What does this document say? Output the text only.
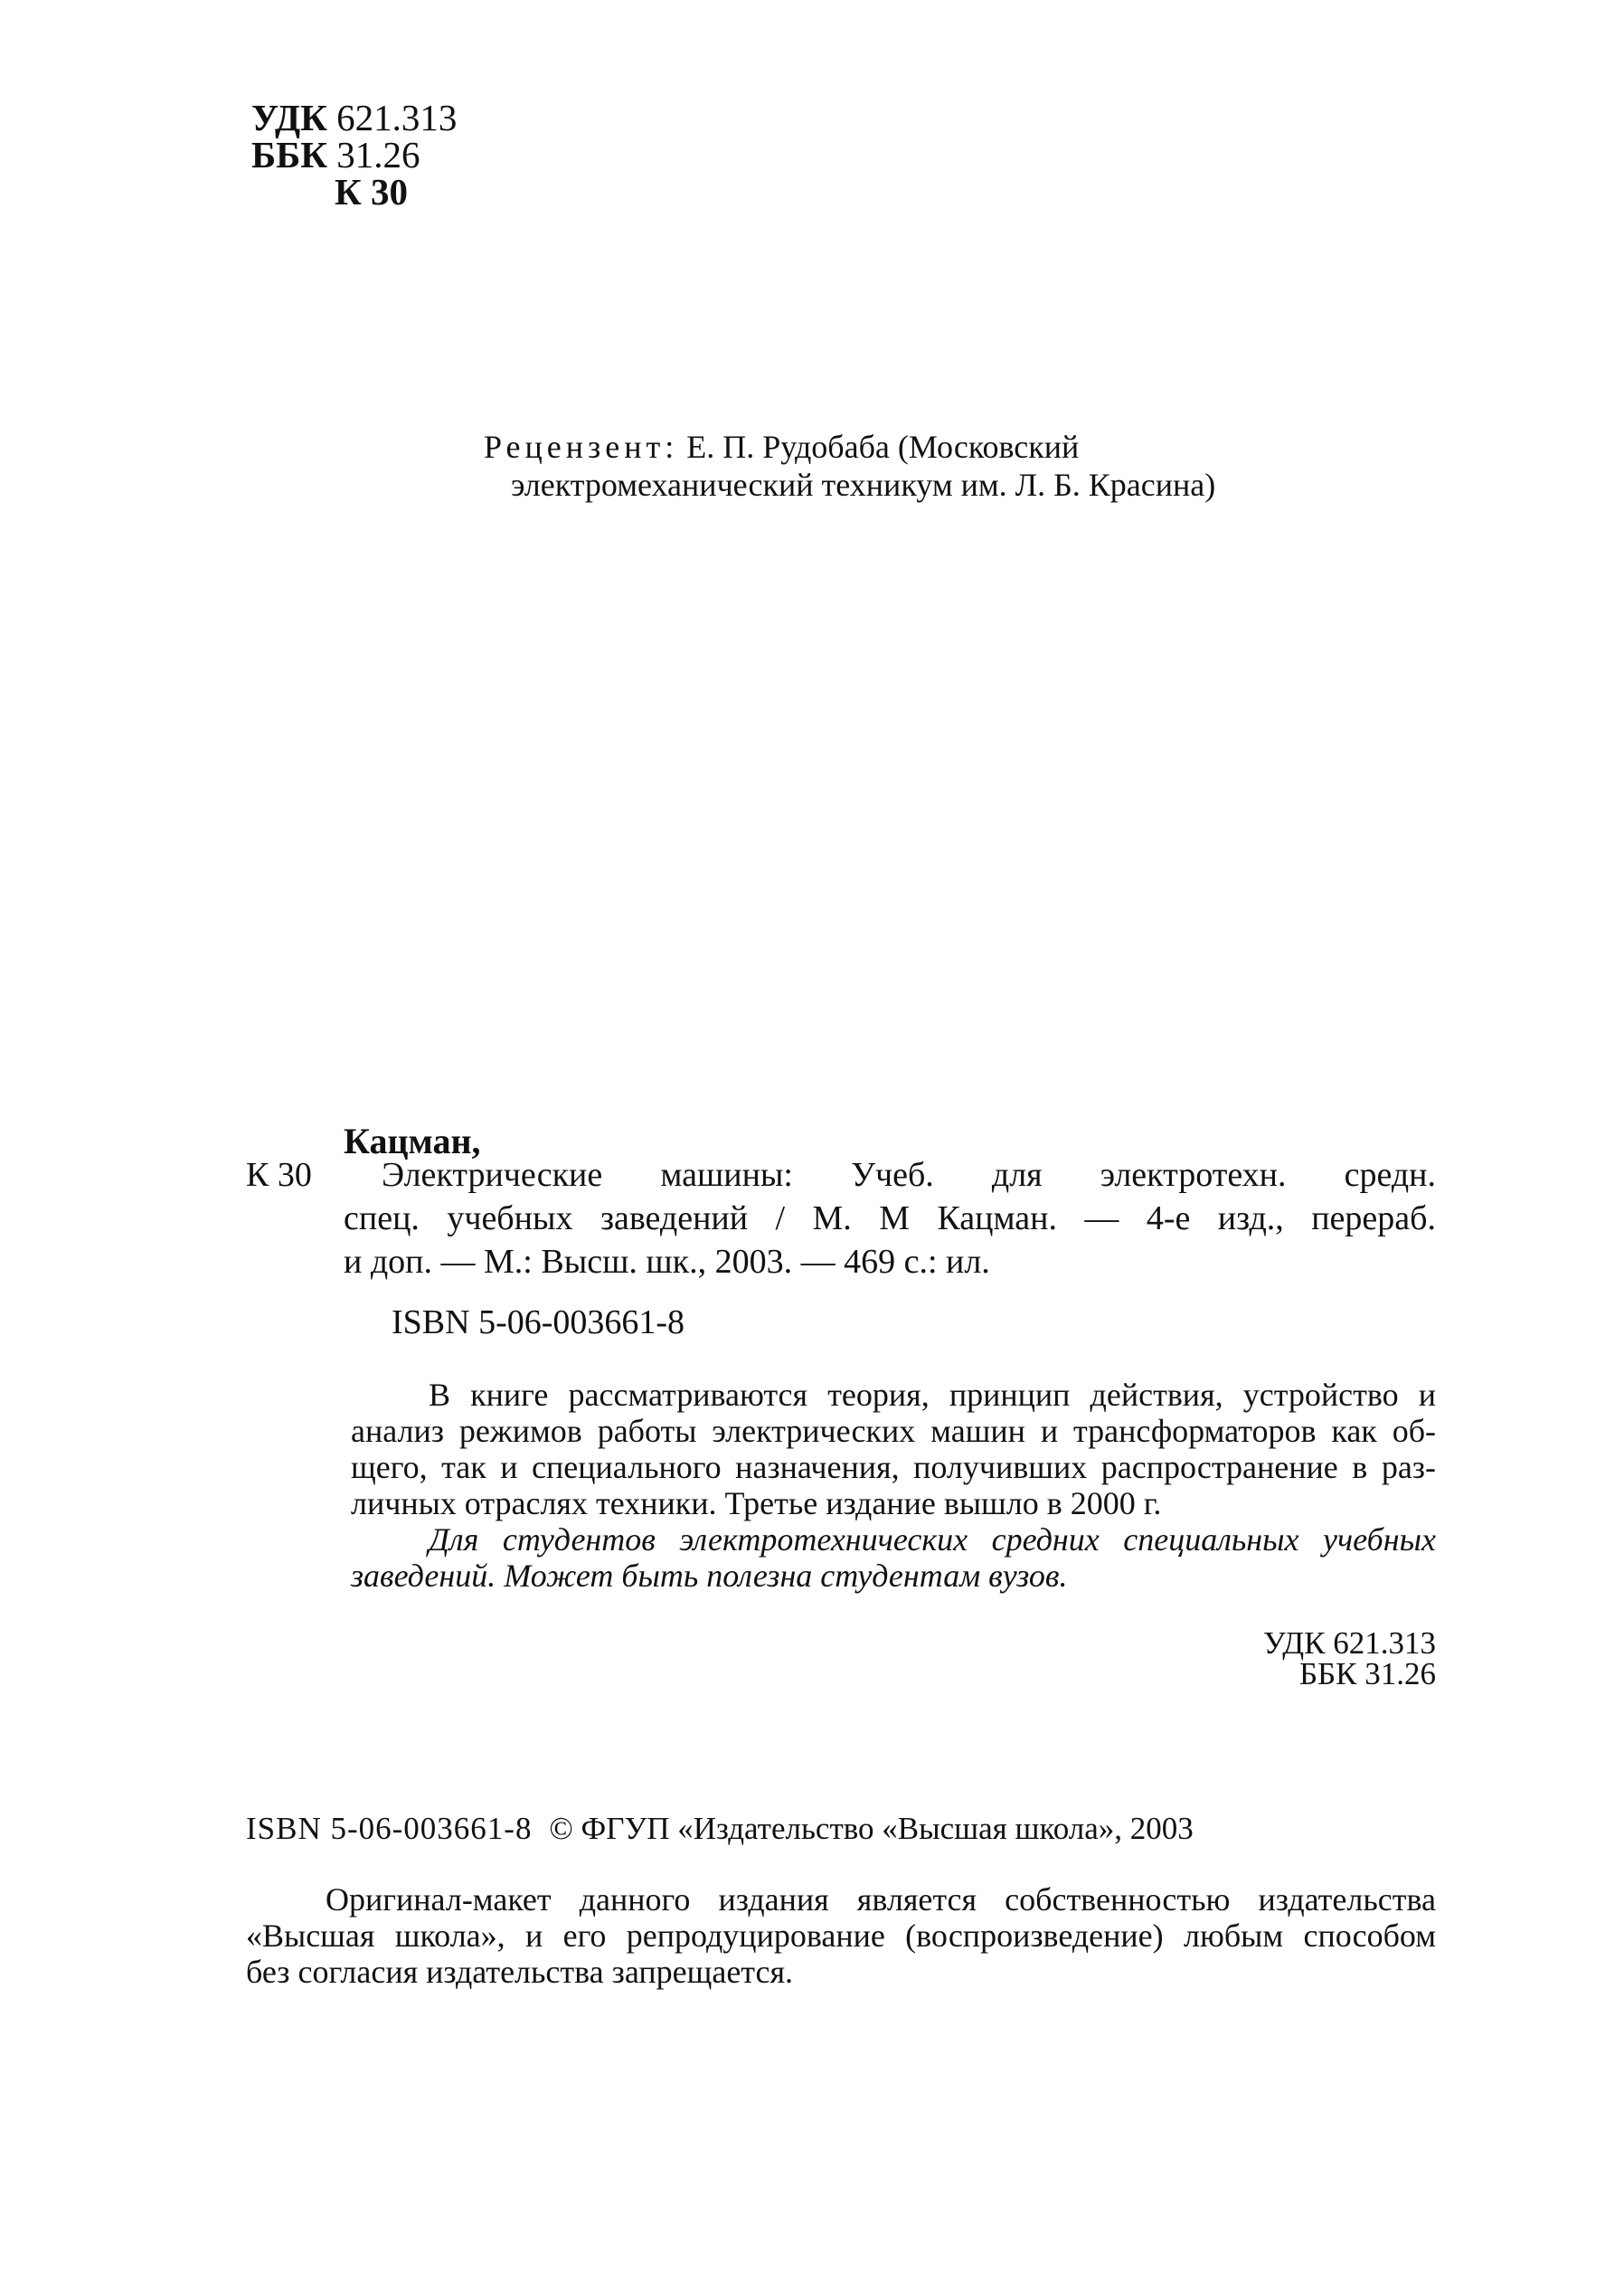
УДК 621.313
ББК 31.26
К 30
Рецензент: Е. П. Рудобаба (Московский
электромеханический техникум им. Л. Б. Красина)
Кацман,
К 30	Электрические машины: Учеб. для электротехн. средн.
спец. учебных заведений / М. М Кацман. — 4-е изд., перераб.
и доп. — М.: Высш. шк., 2003. — 469 с.: ил.
ISBN 5-06-003661-8
В книге рассматриваются теория, принцип действия, устройство и
анализ режимов работы электрических машин и трансформаторов как об-
щего, так и специального назначения, получивших распространение в раз-
личных отраслях техники. Третье издание вышло в 2000 г.
Для студентов электротехнических средних специальных учебных
заведений. Может быть полезна студентам вузов.
УДК 621.313
ББК 31.26
ISBN 5-06-003661-8 © ФГУП «Издательство «Высшая школа», 2003
Оригинал-макет данного издания является собственностью издательства
«Высшая школа», и его репродуцирование (воспроизведение) любым способом
без согласия издательства запрещается.
